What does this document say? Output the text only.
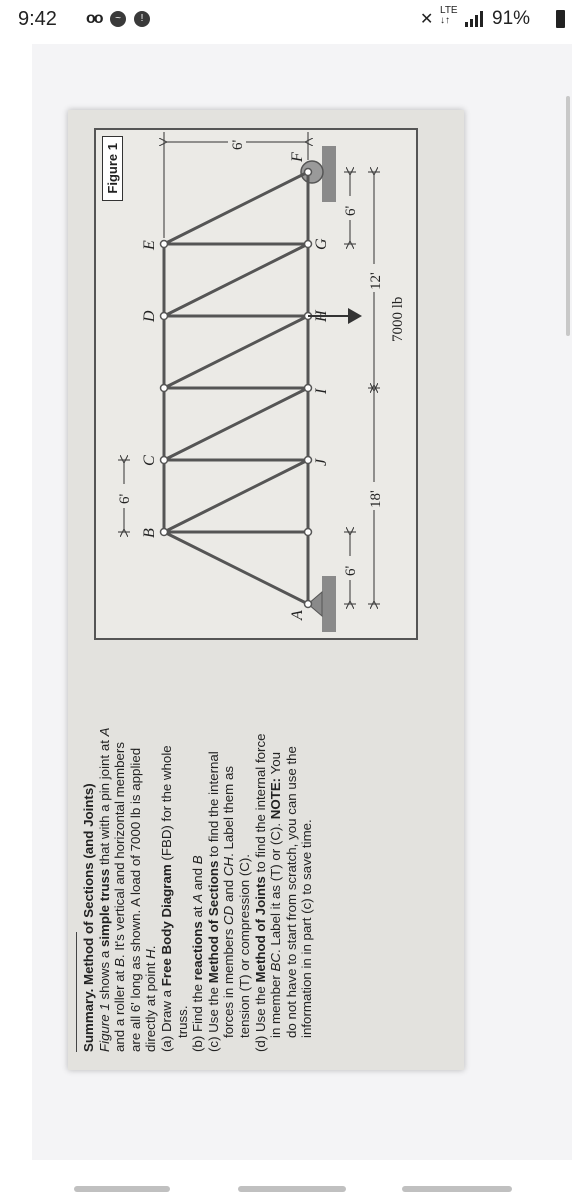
9:42 oo	~	!	✕
LTE
↓↑	91%

Summary. Method of Sections (and Joints) Figure 1 shows a simple truss that with a pin joint at A

and a roller at B. It's vertical and horizontal members are all 6' long as shown. A load of 7000 lb is applied directly at point H.

(a) Draw a Free Body Diagram (FBD) for the whole

truss. (b) Find the reactions at A and B

(c) Use the Method of Sections to find the internal

forces in members CD and CH. Label them as

tension (T) or compression (C). (d) Use the Method of Joints to find the internal force

in member BC. Label it as (T) or (C). NOTE: You do not have to start from scratch, you can use the information in in part (c) to save time.

Figure 1
A
B
C
D
E
F
G
H
I
J
6'
6'
18'
12'
6'
6'
7000 lb
